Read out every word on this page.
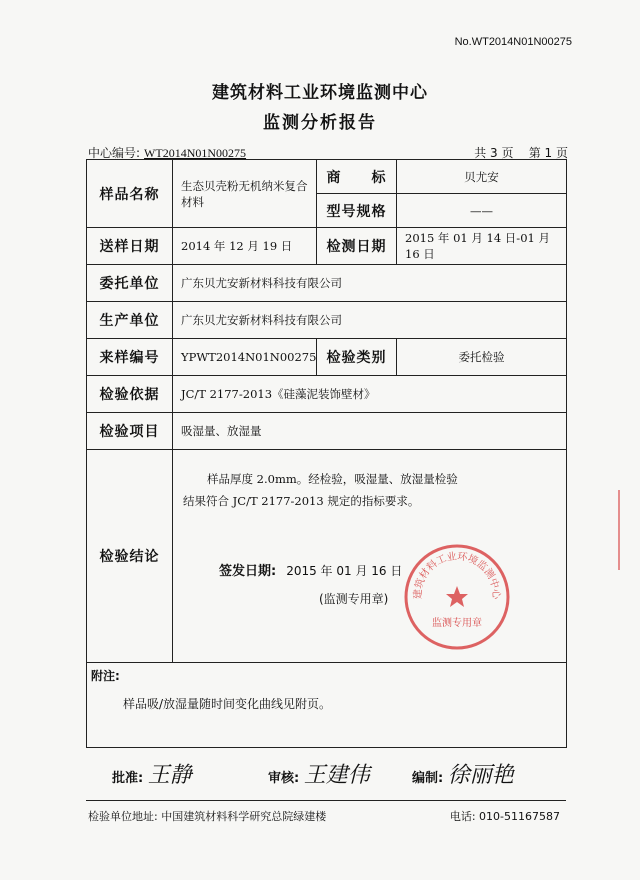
No.WT2014N01N00275
建筑材料工业环境监测中心
监测分析报告
中心编号: WT2014N01N00275	共 3 页 第 1 页
样品名称	生态贝壳粉无机纳米复合材料	商　　标	贝尤安
		型号规格	——
送样日期	2014 年 12 月 19 日	检测日期	2015 年 01 月 14 日-01 月 16 日
委托单位	广东贝尤安新材料科技有限公司		
生产单位	广东贝尤安新材料科技有限公司		
来样编号	YPWT2014N01N00275	检验类别	委托检验
检验依据	JC/T 2177-2013《硅藻泥装饰壁材》		
检验项目	吸湿量、放湿量		
检验结论	样品厚度 2.0mm。经检验，吸湿量、放湿量检验结果符合 JC/T 2177-2013 规定的指标要求。
签发日期: 2015 年 01 月 16 日
(监测专用章)		

附注:
样品吸/放湿量随时间变化曲线见附页。			
建筑材料工业环境监测中心
监测专用章
批准: 王静	审核: 王建伟	编制: 徐丽艳
检验单位地址: 中国建筑材料科学研究总院绿建楼	电话: 010-51167587
